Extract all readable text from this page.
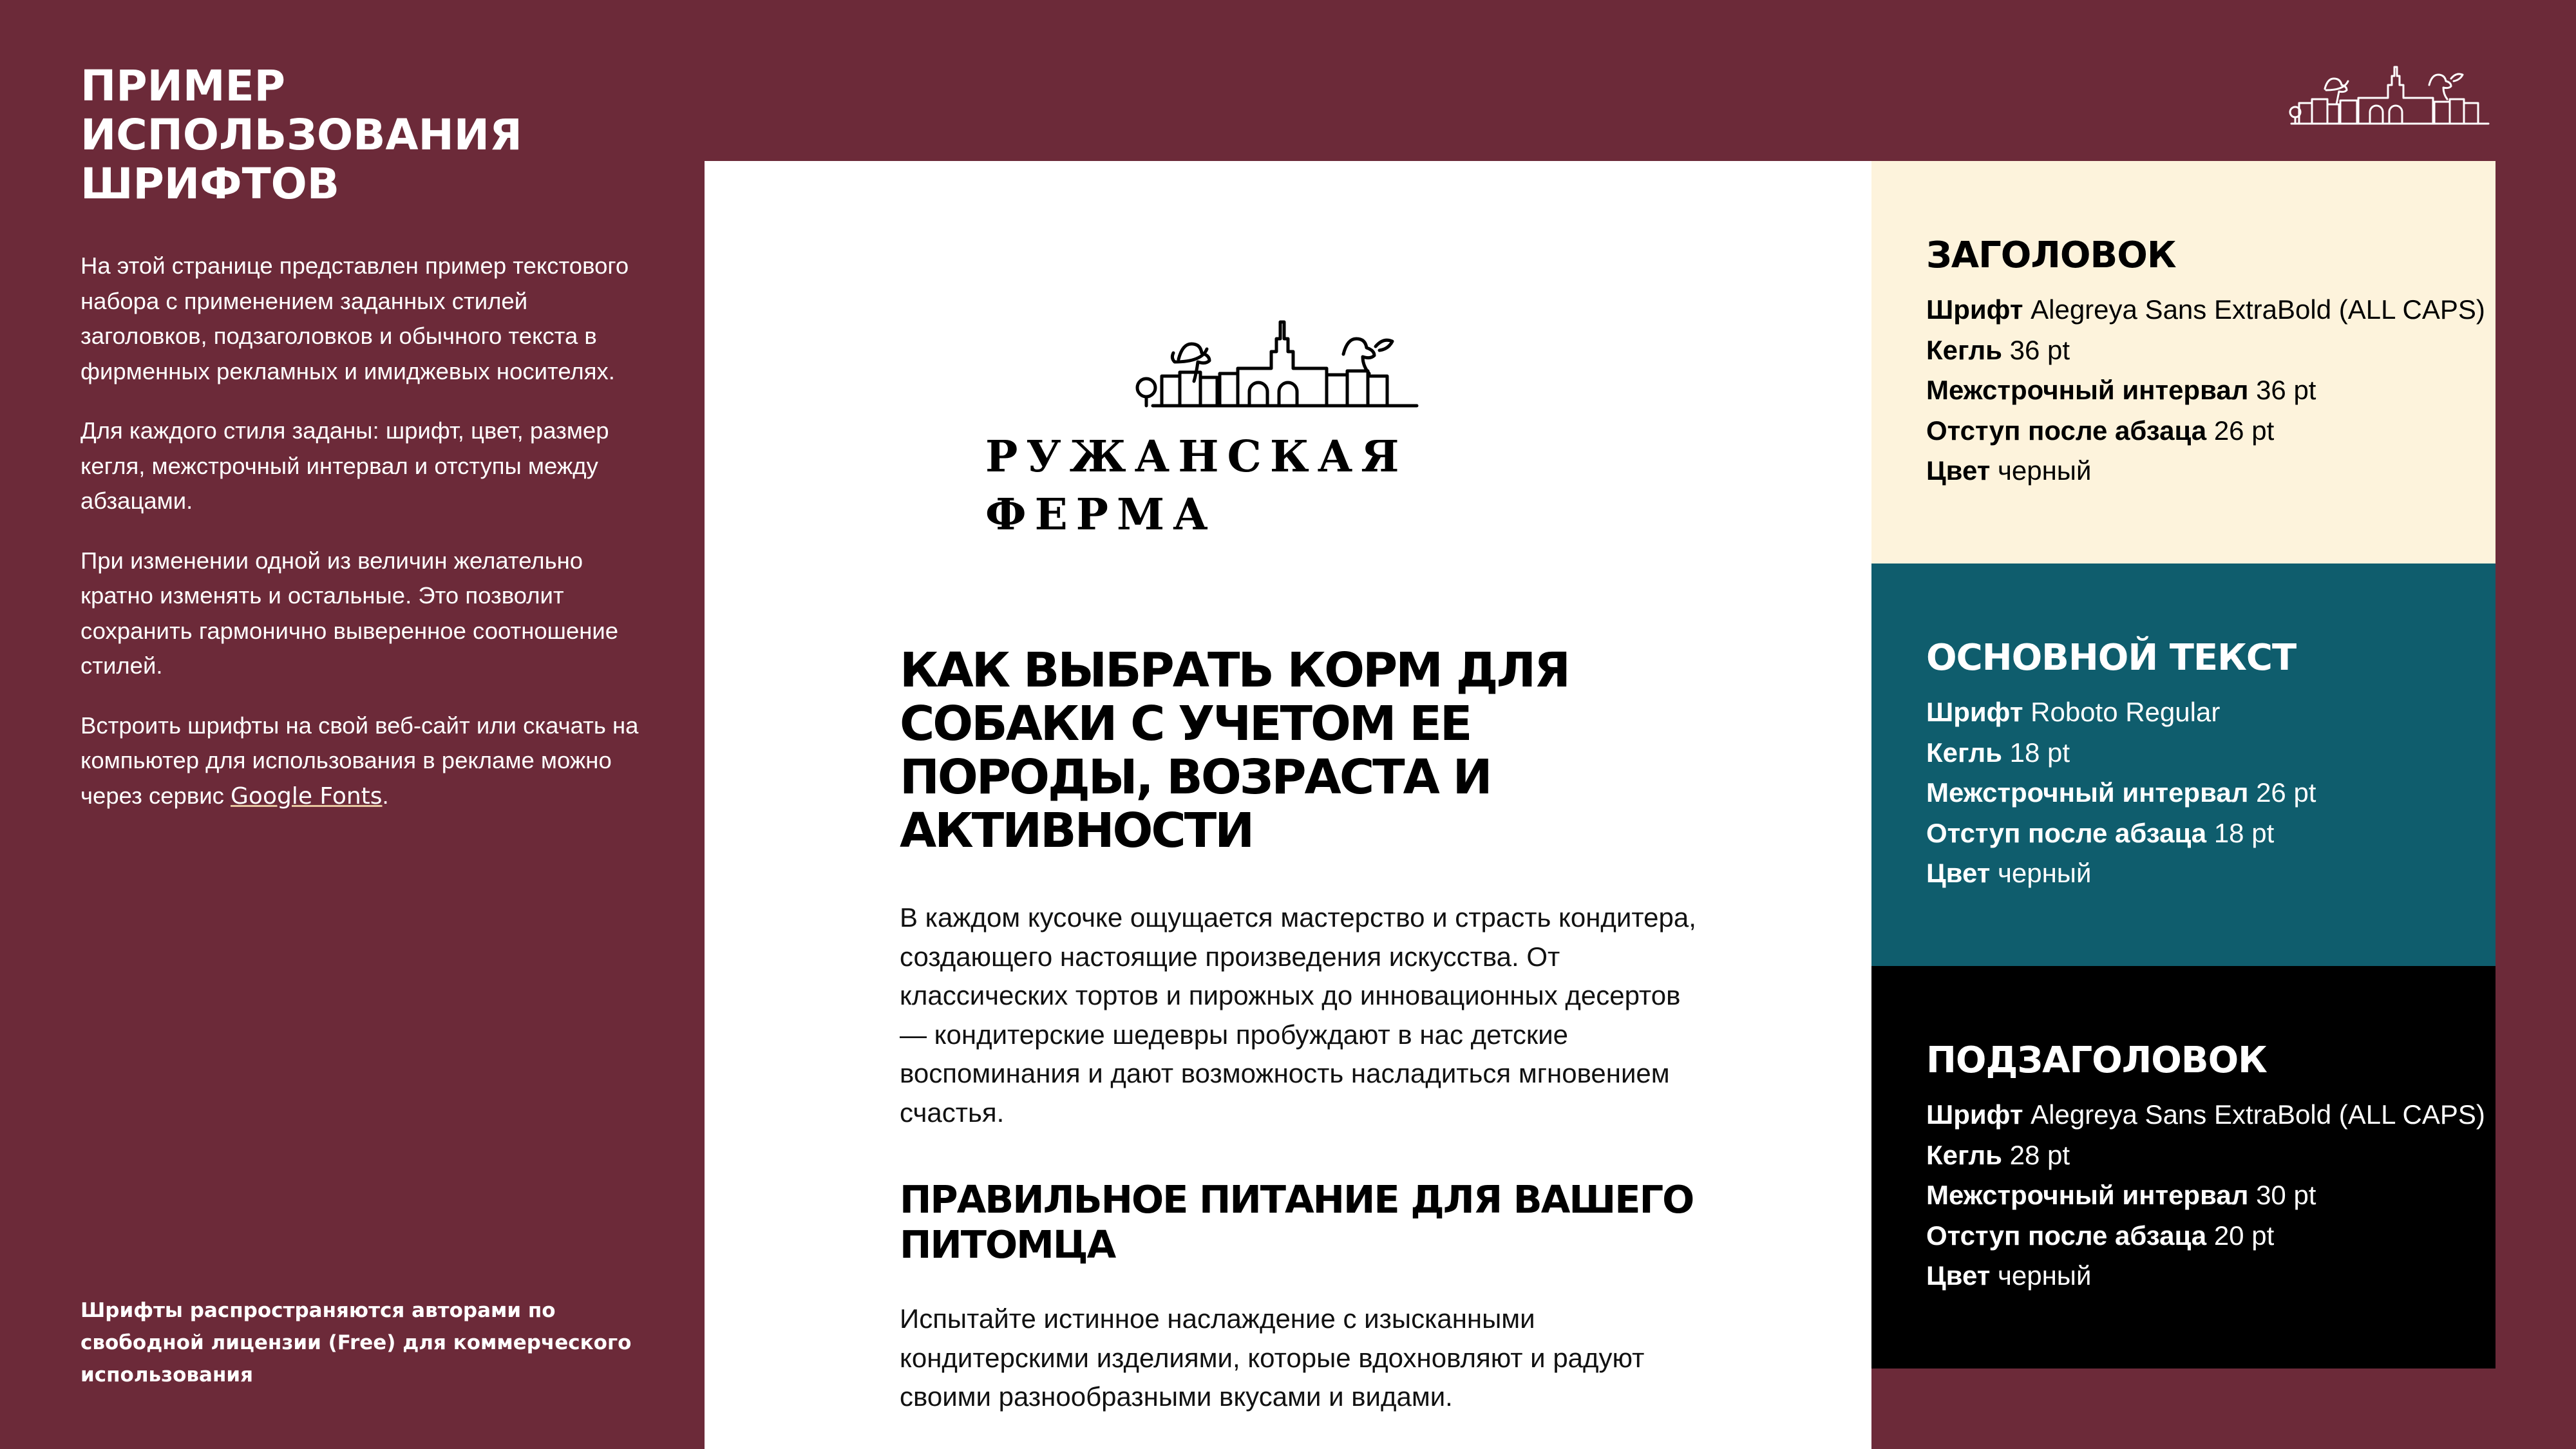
ПРИМЕР
ИСПОЛЬЗОВАНИЯ
ШРИФТОВ

На этой странице представлен пример текстового набора с применением заданных стилей заголовков, подзаголовков и обычного текста в фирменных рекламных и имиджевых носителях.

Для каждого стиля заданы: шрифт, цвет, размер кегля, межстрочный интервал и отступы между абзацами.

При изменении одной из величин желательно кратно изменять и остальные. Это позволит сохранить гармонично выверенное соотношение стилей.

Встроить шрифты на свой веб-сайт или скачать на компьютер для использования в рекламе можно через сервис Google Fonts.

Шрифты распространяются авторами по свободной лицензии (Free) для коммерческого использования

РУЖАНСКАЯ ФЕРМА

КАК ВЫБРАТЬ КОРМ ДЛЯ СОБАКИ С УЧЕТОМ ЕЕ ПОРОДЫ, ВОЗРАСТА И АКТИВНОСТИ

В каждом кусочке ощущается мастерство и страсть кондитера, создающего настоящие произведения искусства. От классических тортов и пирожных до инновационных десертов — кондитерские шедевры пробуждают в нас детские воспоминания и дают возможность насладиться мгновением счастья.

ПРАВИЛЬНОЕ ПИТАНИЕ ДЛЯ ВАШЕГО ПИТОМЦА

Испытайте истинное наслаждение с изысканными кондитерскими изделиями, которые вдохновляют и радуют своими разнообразными вкусами и видами.

ЗАГОЛОВОК
Шрифт Alegreya Sans ExtraBold (ALL CAPS)
Кегль 36 pt
Межстрочный интервал 36 pt
Отступ после абзаца 26 pt
Цвет черный
ОСНОВНОЙ ТЕКСТ
Шрифт Roboto Regular
Кегль 18 pt
Межстрочный интервал 26 pt
Отступ после абзаца 18 pt
Цвет черный
ПОДЗАГОЛОВОК
Шрифт Alegreya Sans ExtraBold (ALL CAPS)
Кегль 28 pt
Межстрочный интервал 30 pt
Отступ после абзаца 20 pt
Цвет черный
